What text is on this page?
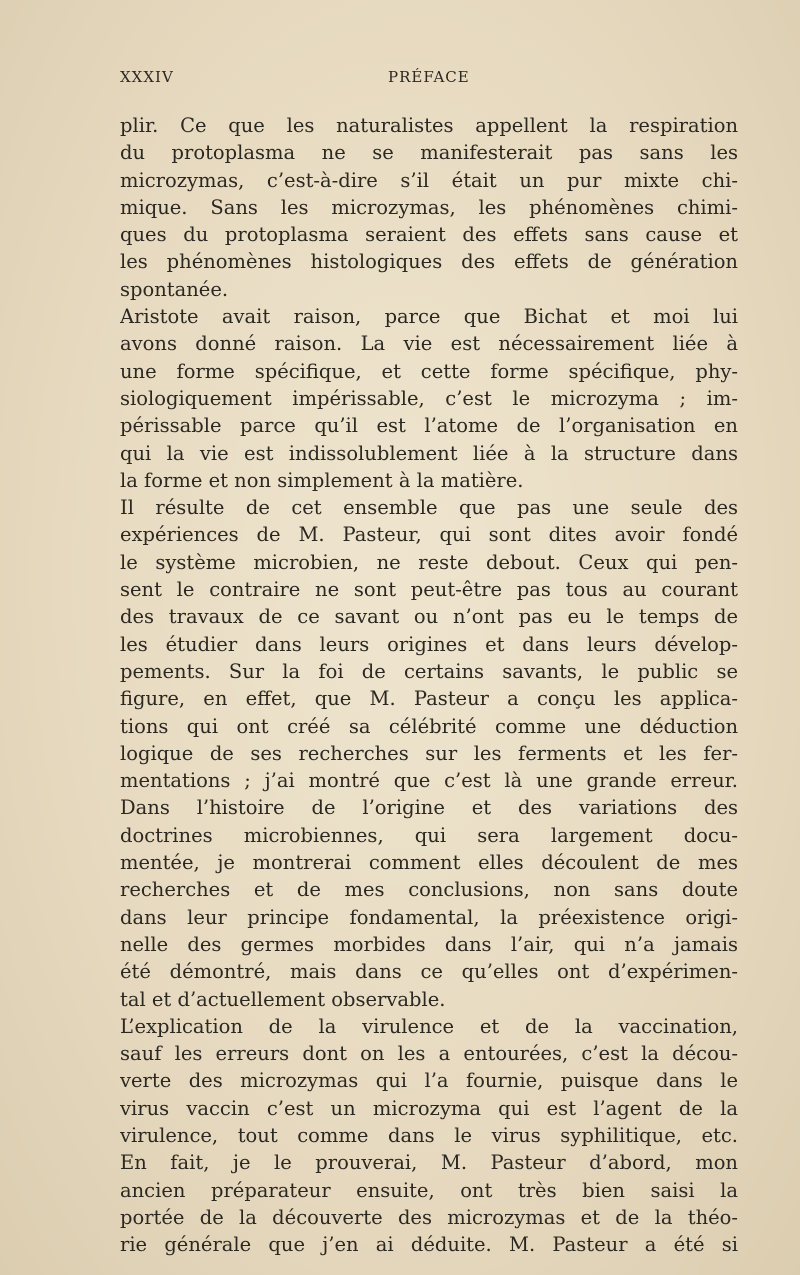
XXXIV	PRÉFACE
plir. Ce que les naturalistes appellent la respiration
du protoplasma ne se manifesterait pas sans les
microzymas, c’est-à-dire s’il était un pur mixte chi-
mique. Sans les microzymas, les phénomènes chimi-
ques du protoplasma seraient des effets sans cause et
les phénomènes histologiques des effets de génération
spontanée.
Aristote avait raison, parce que Bichat et moi lui
avons donné raison. La vie est nécessairement liée à
une forme spécifique, et cette forme spécifique, phy-
siologiquement impérissable, c’est le microzyma ; im-
périssable parce qu’il est l’atome de l’organisation en
qui la vie est indissolublement liée à la structure dans
la forme et non simplement à la matière.
Il résulte de cet ensemble que pas une seule des
expériences de M. Pasteur, qui sont dites avoir fondé
le système microbien, ne reste debout. Ceux qui pen-
sent le contraire ne sont peut-être pas tous au courant
des travaux de ce savant ou n’ont pas eu le temps de
les étudier dans leurs origines et dans leurs dévelop-
pements. Sur la foi de certains savants, le public se
figure, en effet, que M. Pasteur a conçu les applica-
tions qui ont créé sa célébrité comme une déduction
logique de ses recherches sur les ferments et les fer-
mentations ; j’ai montré que c’est là une grande erreur.
Dans l’histoire de l’origine et des variations des
doctrines microbiennes, qui sera largement docu-
mentée, je montrerai comment elles découlent de mes
recherches et de mes conclusions, non sans doute
dans leur principe fondamental, la préexistence origi-
nelle des germes morbides dans l’air, qui n’a jamais
été démontré, mais dans ce qu’elles ont d’expérimen-
tal et d’actuellement observable.
L’explication de la virulence et de la vaccination,
sauf les erreurs dont on les a entourées, c’est la décou-
verte des microzymas qui l’a fournie, puisque dans le
virus vaccin c’est un microzyma qui est l’agent de la
virulence, tout comme dans le virus syphilitique, etc.
En fait, je le prouverai, M. Pasteur d’abord, mon
ancien préparateur ensuite, ont très bien saisi la
portée de la découverte des microzymas et de la théo-
rie générale que j’en ai déduite. M. Pasteur a été si
